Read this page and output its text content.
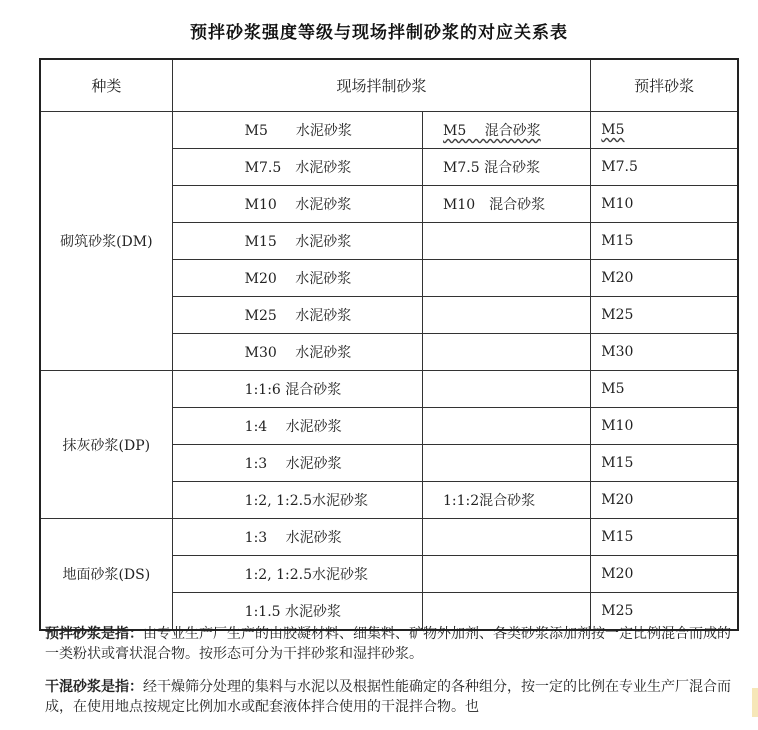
预拌砂浆强度等级与现场拌制砂浆的对应关系表
种类	现场拌制砂浆		预拌砂浆
砌筑砂浆(DM)	M5　　水泥砂浆	M5　 混合砂浆	M5
	M7.5　水泥砂浆	M7.5 混合砂浆	M7.5
	M10　 水泥砂浆	M10　混合砂浆	M10
	M15　 水泥砂浆		M15
	M20　 水泥砂浆		M20
	M25　 水泥砂浆		M25
	M30　 水泥砂浆		M30
抹灰砂浆(DP)	1:1:6 混合砂浆		M5
	1:4　 水泥砂浆		M10
	1:3　 水泥砂浆		M15
	1:2, 1:2.5水泥砂浆	1:1:2混合砂浆	M20
地面砂浆(DS)	1:3　 水泥砂浆		M15
	1:2, 1:2.5水泥砂浆		M20
	1:1.5 水泥砂浆		M25

预拌砂浆是指：由专业生产厂生产的由胶凝材料、细集料、矿物外加剂、各类砂浆添加剂按一定比例混合而成的一类粉状或膏状混合物。按形态可分为干拌砂浆和湿拌砂浆。

干混砂浆是指：经干燥筛分处理的集料与水泥以及根据性能确定的各种组分，按一定的比例在专业生产厂混合而成，在使用地点按规定比例加水或配套液体拌合使用的干混拌合物。也
